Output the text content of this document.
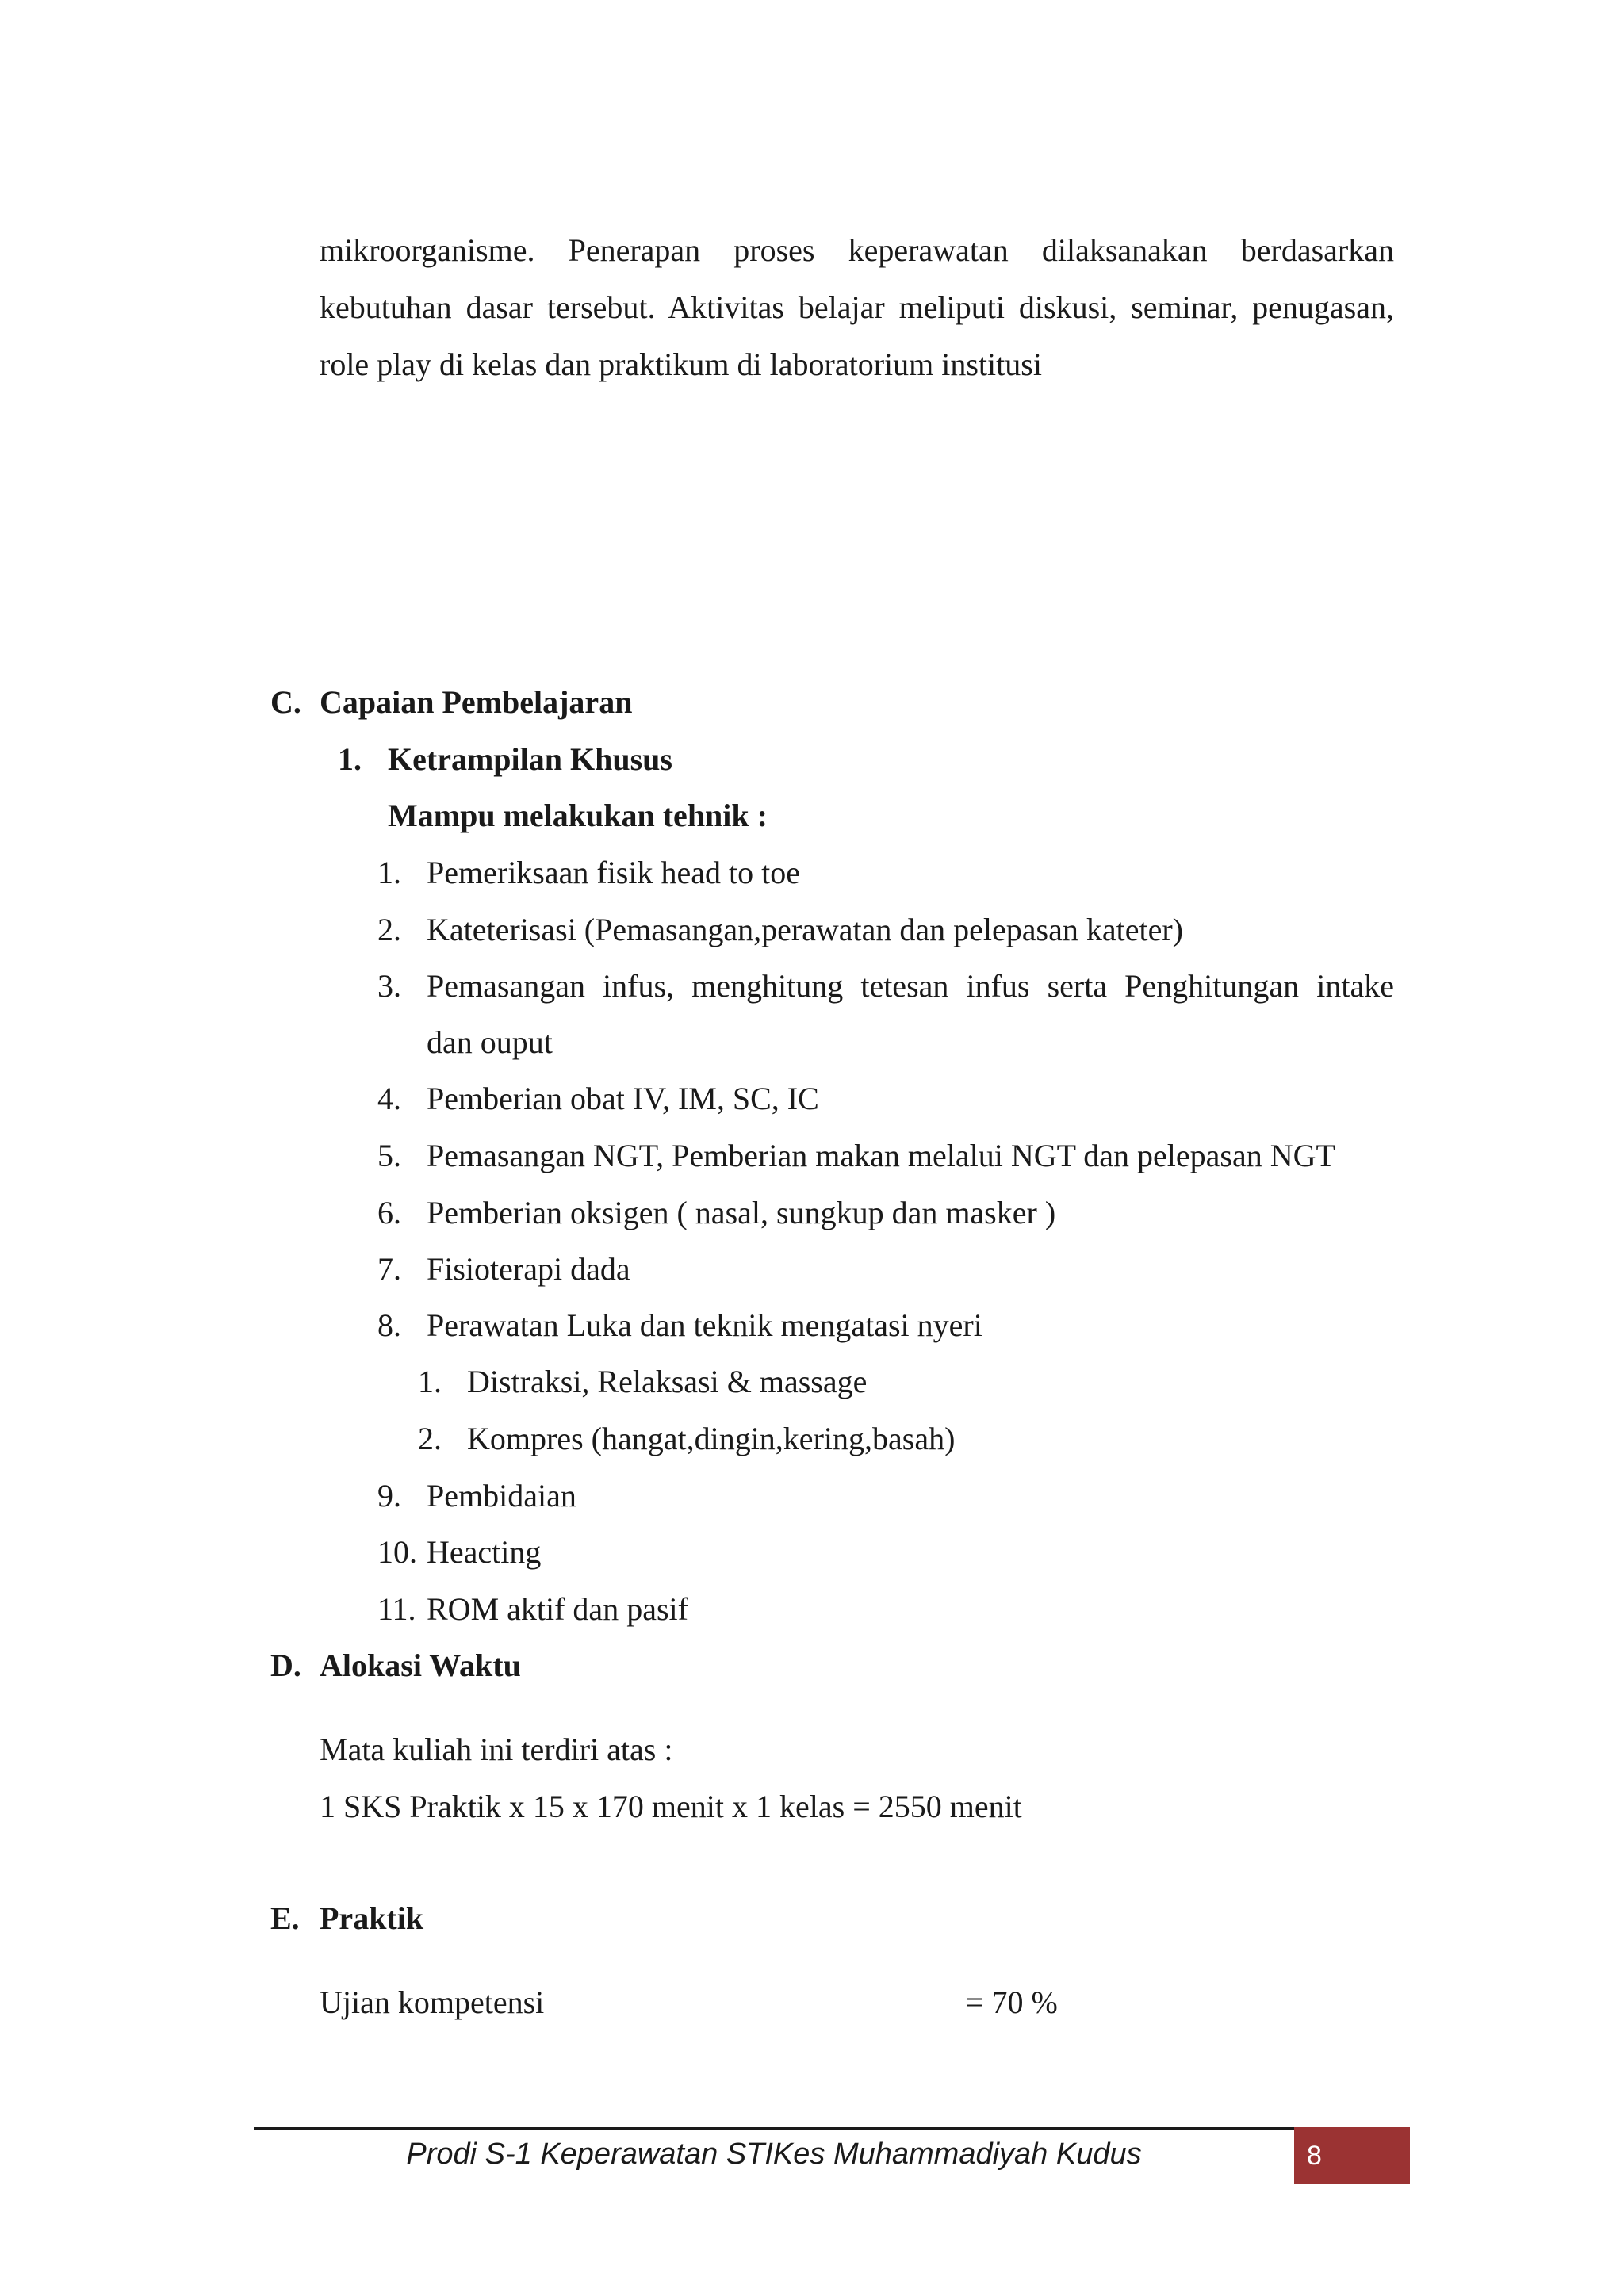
mikroorganisme. Penerapan proses keperawatan dilaksanakan berdasarkan
kebutuhan dasar tersebut. Aktivitas belajar meliputi diskusi, seminar, penugasan,
role play di kelas dan praktikum di laboratorium institusi
C. Capaian Pembelajaran
1. Ketrampilan Khusus
Mampu melakukan tehnik :
1. Pemeriksaan fisik head to toe
2. Kateterisasi (Pemasangan,perawatan dan pelepasan kateter)
3. Pemasangan infus, menghitung tetesan infus serta Penghitungan intake
dan ouput
4. Pemberian obat IV, IM, SC, IC
5. Pemasangan NGT, Pemberian makan melalui NGT dan pelepasan NGT
6. Pemberian oksigen ( nasal, sungkup dan masker )
7. Fisioterapi dada
8. Perawatan Luka dan teknik mengatasi nyeri
1. Distraksi, Relaksasi & massage
2. Kompres (hangat,dingin,kering,basah)
9. Pembidaian
10. Heacting
11. ROM aktif dan pasif
D. Alokasi Waktu
Mata kuliah ini terdiri atas :
1 SKS Praktik x 15 x 170 menit x 1 kelas = 2550 menit
E. Praktik
Ujian kompetensi	= 70 %
Prodi S-1 Keperawatan STIKes Muhammadiyah Kudus	8
